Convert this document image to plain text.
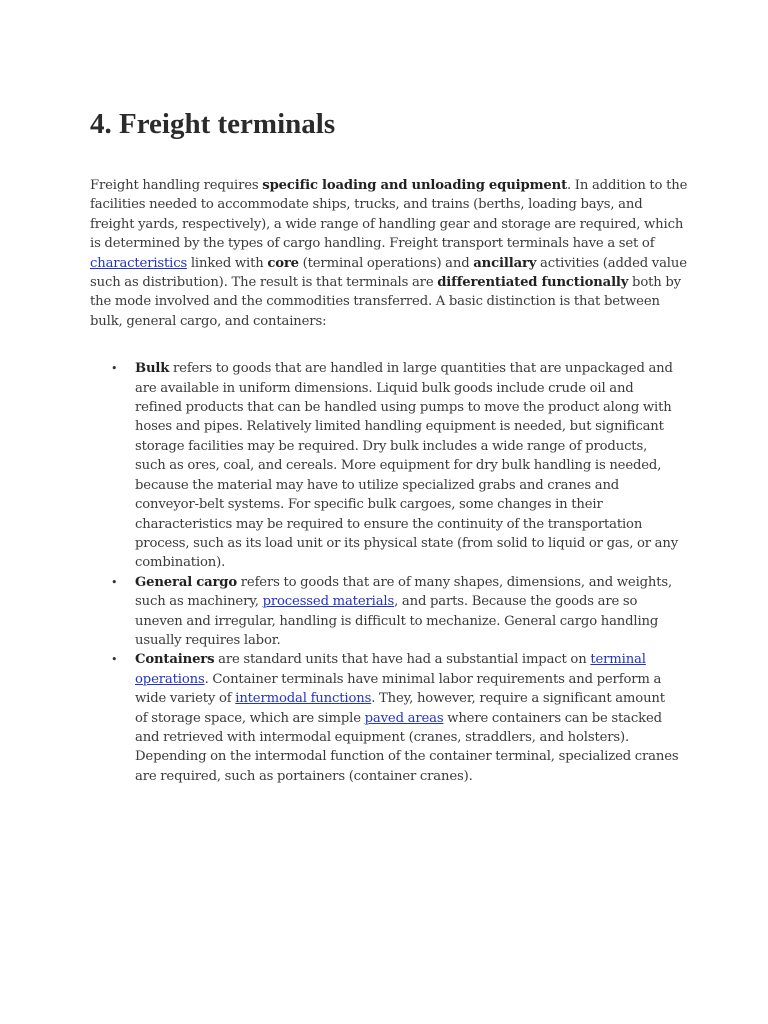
4. Freight terminals

Freight handling requires specific loading and unloading equipment. In addition to the facilities needed to accommodate ships, trucks, and trains (berths, loading bays, and freight yards, respectively), a wide range of handling gear and storage are required, which is determined by the types of cargo handling. Freight transport terminals have a set of characteristics linked with core (terminal operations) and ancillary activities (added value such as distribution). The result is that terminals are differentiated functionally both by the mode involved and the commodities transferred. A basic distinction is that between bulk, general cargo, and containers:

• Bulk refers to goods that are handled in large quantities that are unpackaged and are available in uniform dimensions. Liquid bulk goods include crude oil and refined products that can be handled using pumps to move the product along with hoses and pipes. Relatively limited handling equipment is needed, but significant storage facilities may be required. Dry bulk includes a wide range of products, such as ores, coal, and cereals. More equipment for dry bulk handling is needed, because the material may have to utilize specialized grabs and cranes and conveyor-belt systems. For specific bulk cargoes, some changes in their characteristics may be required to ensure the continuity of the transportation process, such as its load unit or its physical state (from solid to liquid or gas, or any combination).
• General cargo refers to goods that are of many shapes, dimensions, and weights, such as machinery, processed materials, and parts. Because the goods are so uneven and irregular, handling is difficult to mechanize. General cargo handling usually requires labor.
• Containers are standard units that have had a substantial impact on terminal operations. Container terminals have minimal labor requirements and perform a wide variety of intermodal functions. They, however, require a significant amount of storage space, which are simple paved areas where containers can be stacked and retrieved with intermodal equipment (cranes, straddlers, and holsters). Depending on the intermodal function of the container terminal, specialized cranes are required, such as portainers (container cranes).
